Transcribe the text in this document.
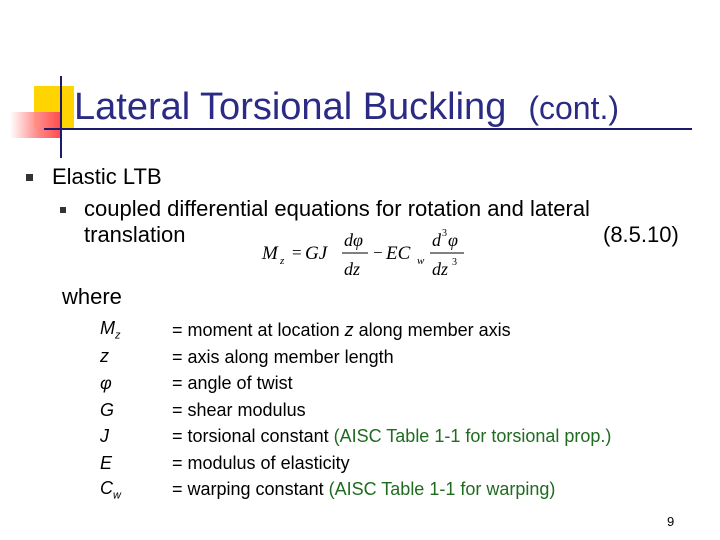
Lateral Torsional Buckling (cont.)
Elastic LTB
coupled differential equations for rotation and lateral
translation	(8.5.10)
M z = GJ
dφ
dz
− EC w
d 3 φ
dz 3
where
$M_z$	= moment at location z along member axis
z	= axis along member length
φ	= angle of twist
G	= shear modulus
J	= torsional constant (AISC Table 1-1 for torsional prop.)
E	= modulus of elasticity
$C_w$	= warping constant (AISC Table 1-1 for warping)
9
